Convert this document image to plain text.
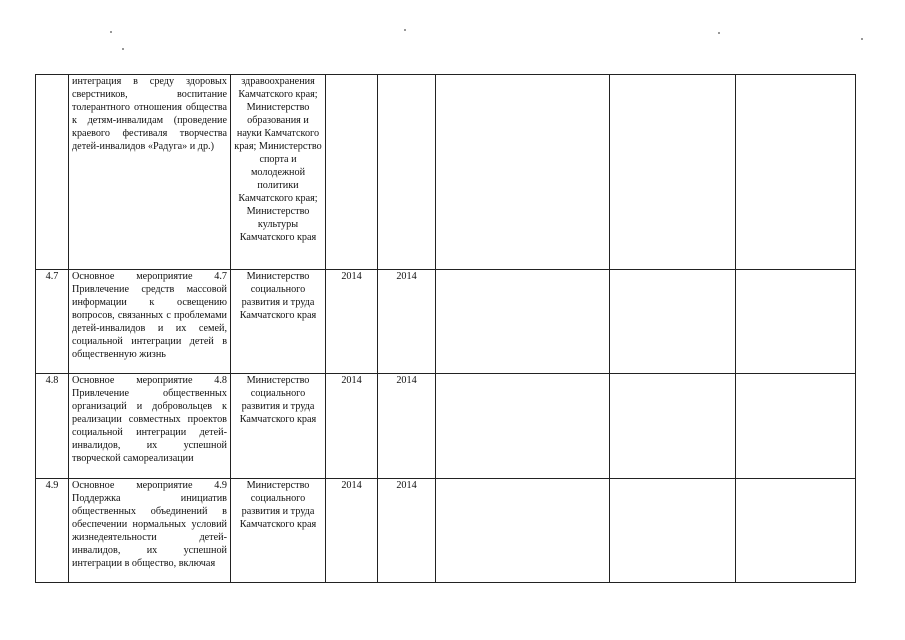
	интеграция в среду здоровых сверстников, воспитание толерантного отношения общества к детям-инвалидам (проведение краевого фестиваля творчества детей-инвалидов «Радуга» и др.)	здравоохранения Камчатского края; Министерство образования и науки Камчатского края; Министерство спорта и молодежной политики Камчатского края; Министерство культуры Камчатского края					
4.7	Основное мероприятие 4.7 Привлечение средств массовой информации к освещению вопросов, связанных с проблемами детей-инвалидов и их семей, социальной интеграции детей в общественную жизнь	Министерство социального развития и труда Камчатского края	2014	2014			
4.8	Основное мероприятие 4.8 Привлечение общественных организаций и добровольцев к реализации совместных проектов социальной интеграции детей-инвалидов, их успешной творческой самореализации	Министерство социального развития и труда Камчатского края	2014	2014			
4.9	Основное мероприятие 4.9 Поддержка инициатив общественных объединений в обеспечении нормальных условий жизнедеятельности детей-инвалидов, их успешной интеграции в общество, включая	Министерство социального развития и труда Камчатского края	2014	2014			
